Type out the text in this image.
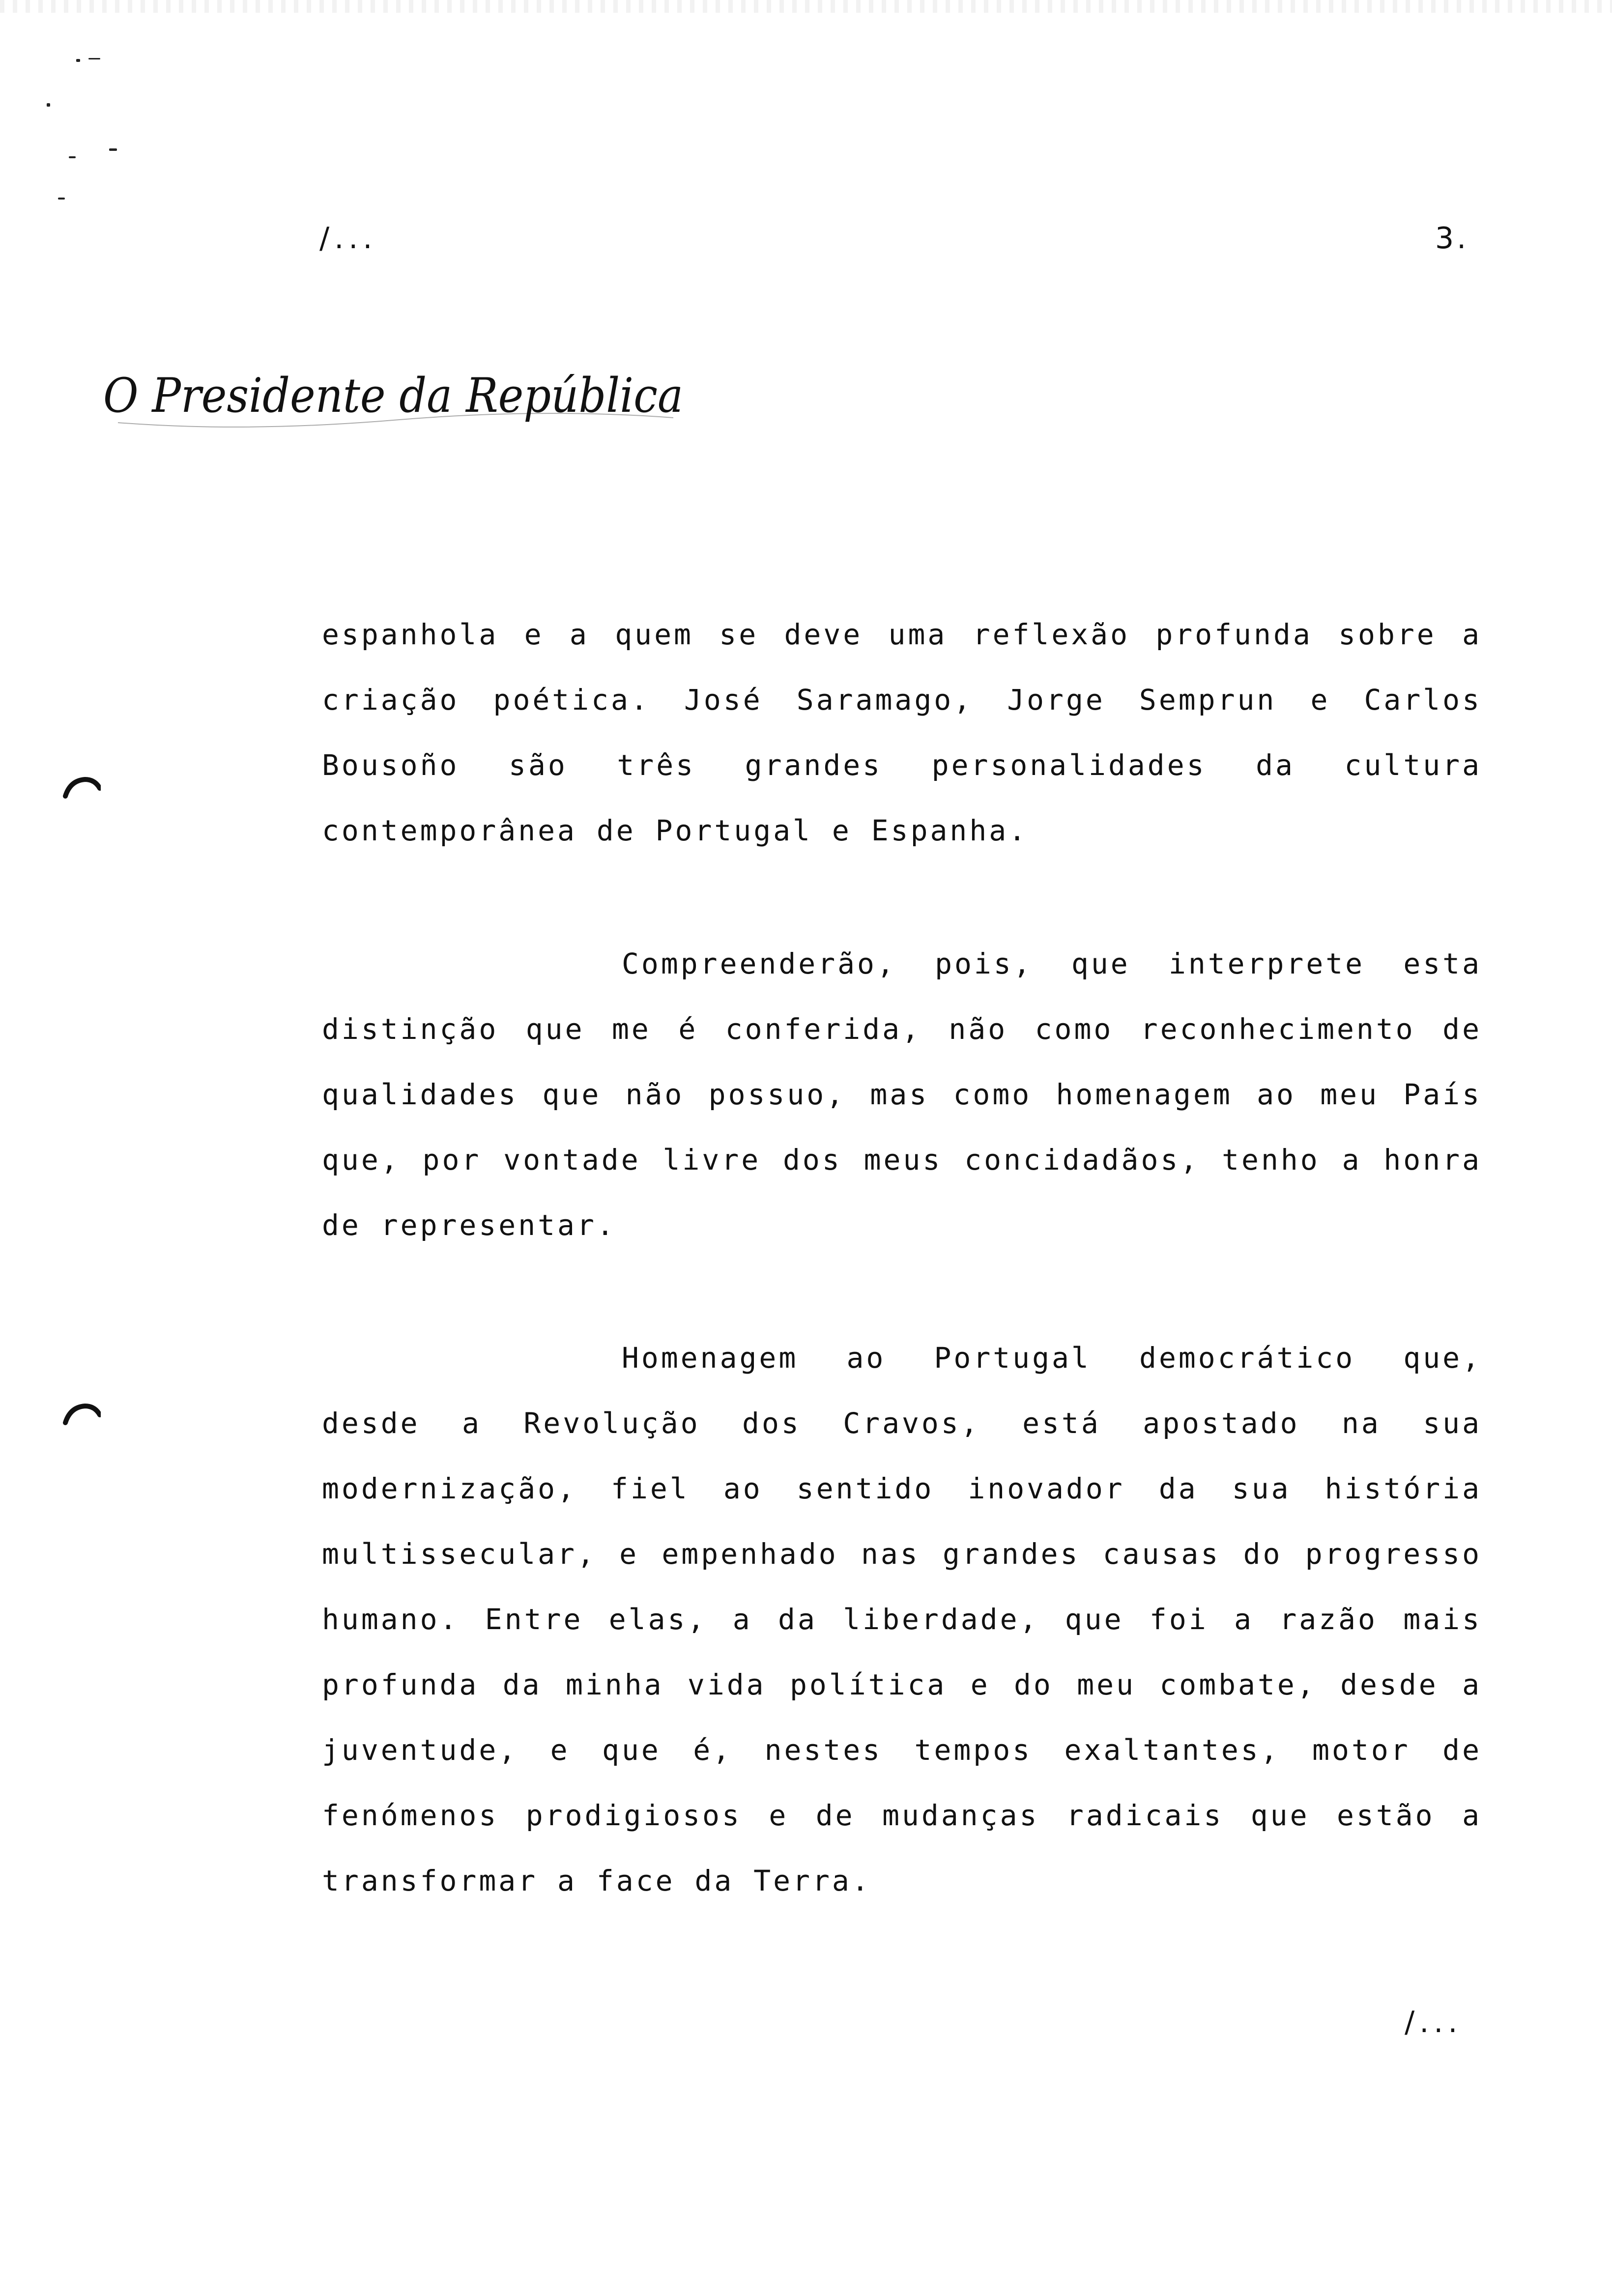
/...	3.
O Presidente da República

espanhola e a quem se deve uma reflexão profunda sobre a criação poética. José Saramago, Jorge Semprun e Carlos Bousoño são três grandes personalidades da cultura contemporânea de Portugal e Espanha.

Compreenderão, pois, que interprete esta distinção que me é conferida, não como reconhecimento de qualidades que não possuo, mas como homenagem ao meu País que, por vontade livre dos meus concidadãos, tenho a honra de representar.

Homenagem ao Portugal democrático que, desde a Revolução dos Cravos, está apostado na sua modernização, fiel ao sentido inovador da sua história multissecular, e empenhado nas grandes causas do progresso humano. Entre elas, a da liberdade, que foi a razão mais profunda da minha vida política e do meu combate, desde a juventude, e que é, nestes tempos exaltantes, motor de fenómenos prodigiosos e de mudanças radicais que estão a transformar a face da Terra.

/...
